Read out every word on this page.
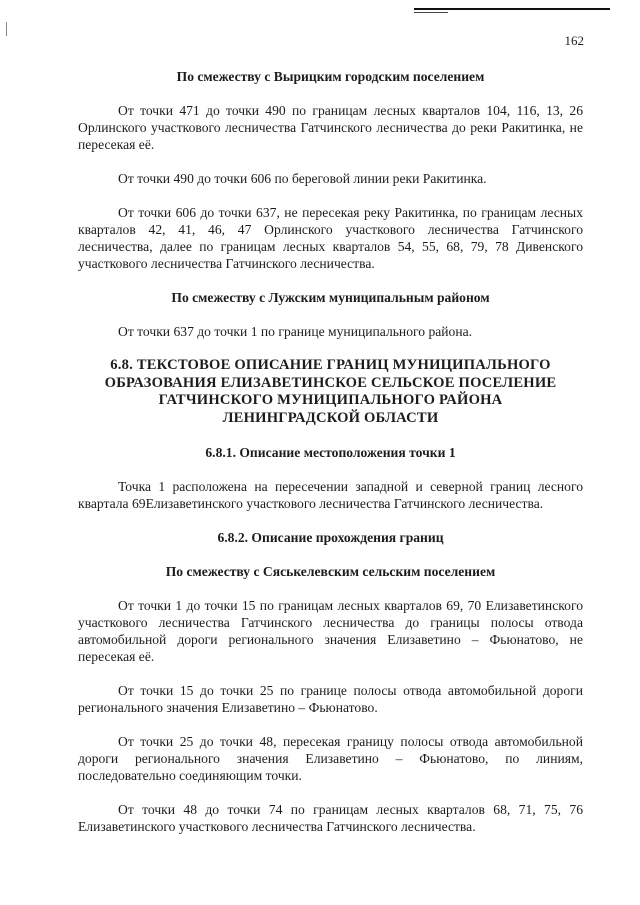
162
По смежеству с Вырицким городским поселением

От точки 471 до точки 490 по границам лесных кварталов 104, 116, 13, 26 Орлинского участкового лесничества Гатчинского лесничества до реки Ракитинка, не пересекая её.

От точки 490 до точки 606 по береговой линии реки Ракитинка.

От точки 606 до точки 637, не пересекая реку Ракитинка, по границам лесных кварталов 42, 41, 46, 47 Орлинского участкового лесничества Гатчинского лесничества, далее по границам лесных кварталов 54, 55, 68, 79, 78 Дивенского участкового лесничества Гатчинского лесничества.

По смежеству с Лужским муниципальным районом

От точки 637 до точки 1 по границе муниципального района.

6.8. ТЕКСТОВОЕ ОПИСАНИЕ ГРАНИЦ МУНИЦИПАЛЬНОГО
ОБРАЗОВАНИЯ ЕЛИЗАВЕТИНСКОЕ СЕЛЬСКОЕ ПОСЕЛЕНИЕ
ГАТЧИНСКОГО МУНИЦИПАЛЬНОГО РАЙОНА
ЛЕНИНГРАДСКОЙ ОБЛАСТИ
6.8.1. Описание местоположения точки 1

Точка 1 расположена на пересечении западной и северной границ лесного квартала 69Елизаветинского участкового лесничества Гатчинского лесничества.

6.8.2. Описание прохождения границ
По смежеству с Сяськелевским сельским поселением

От точки 1 до точки 15 по границам лесных кварталов 69, 70 Елизаветинского участкового лесничества Гатчинского лесничества до границы полосы отвода автомобильной дороги регионального значения Елизаветино – Фьюнатово, не пересекая её.

От точки 15 до точки 25 по границе полосы отвода автомобильной дороги регионального значения Елизаветино – Фьюнатово.

От точки 25 до точки 48, пересекая границу полосы отвода автомобильной дороги регионального значения Елизаветино – Фьюнатово, по линиям, последовательно соединяющим точки.

От точки 48 до точки 74 по границам лесных кварталов 68, 71, 75, 76 Елизаветинского участкового лесничества Гатчинского лесничества.
